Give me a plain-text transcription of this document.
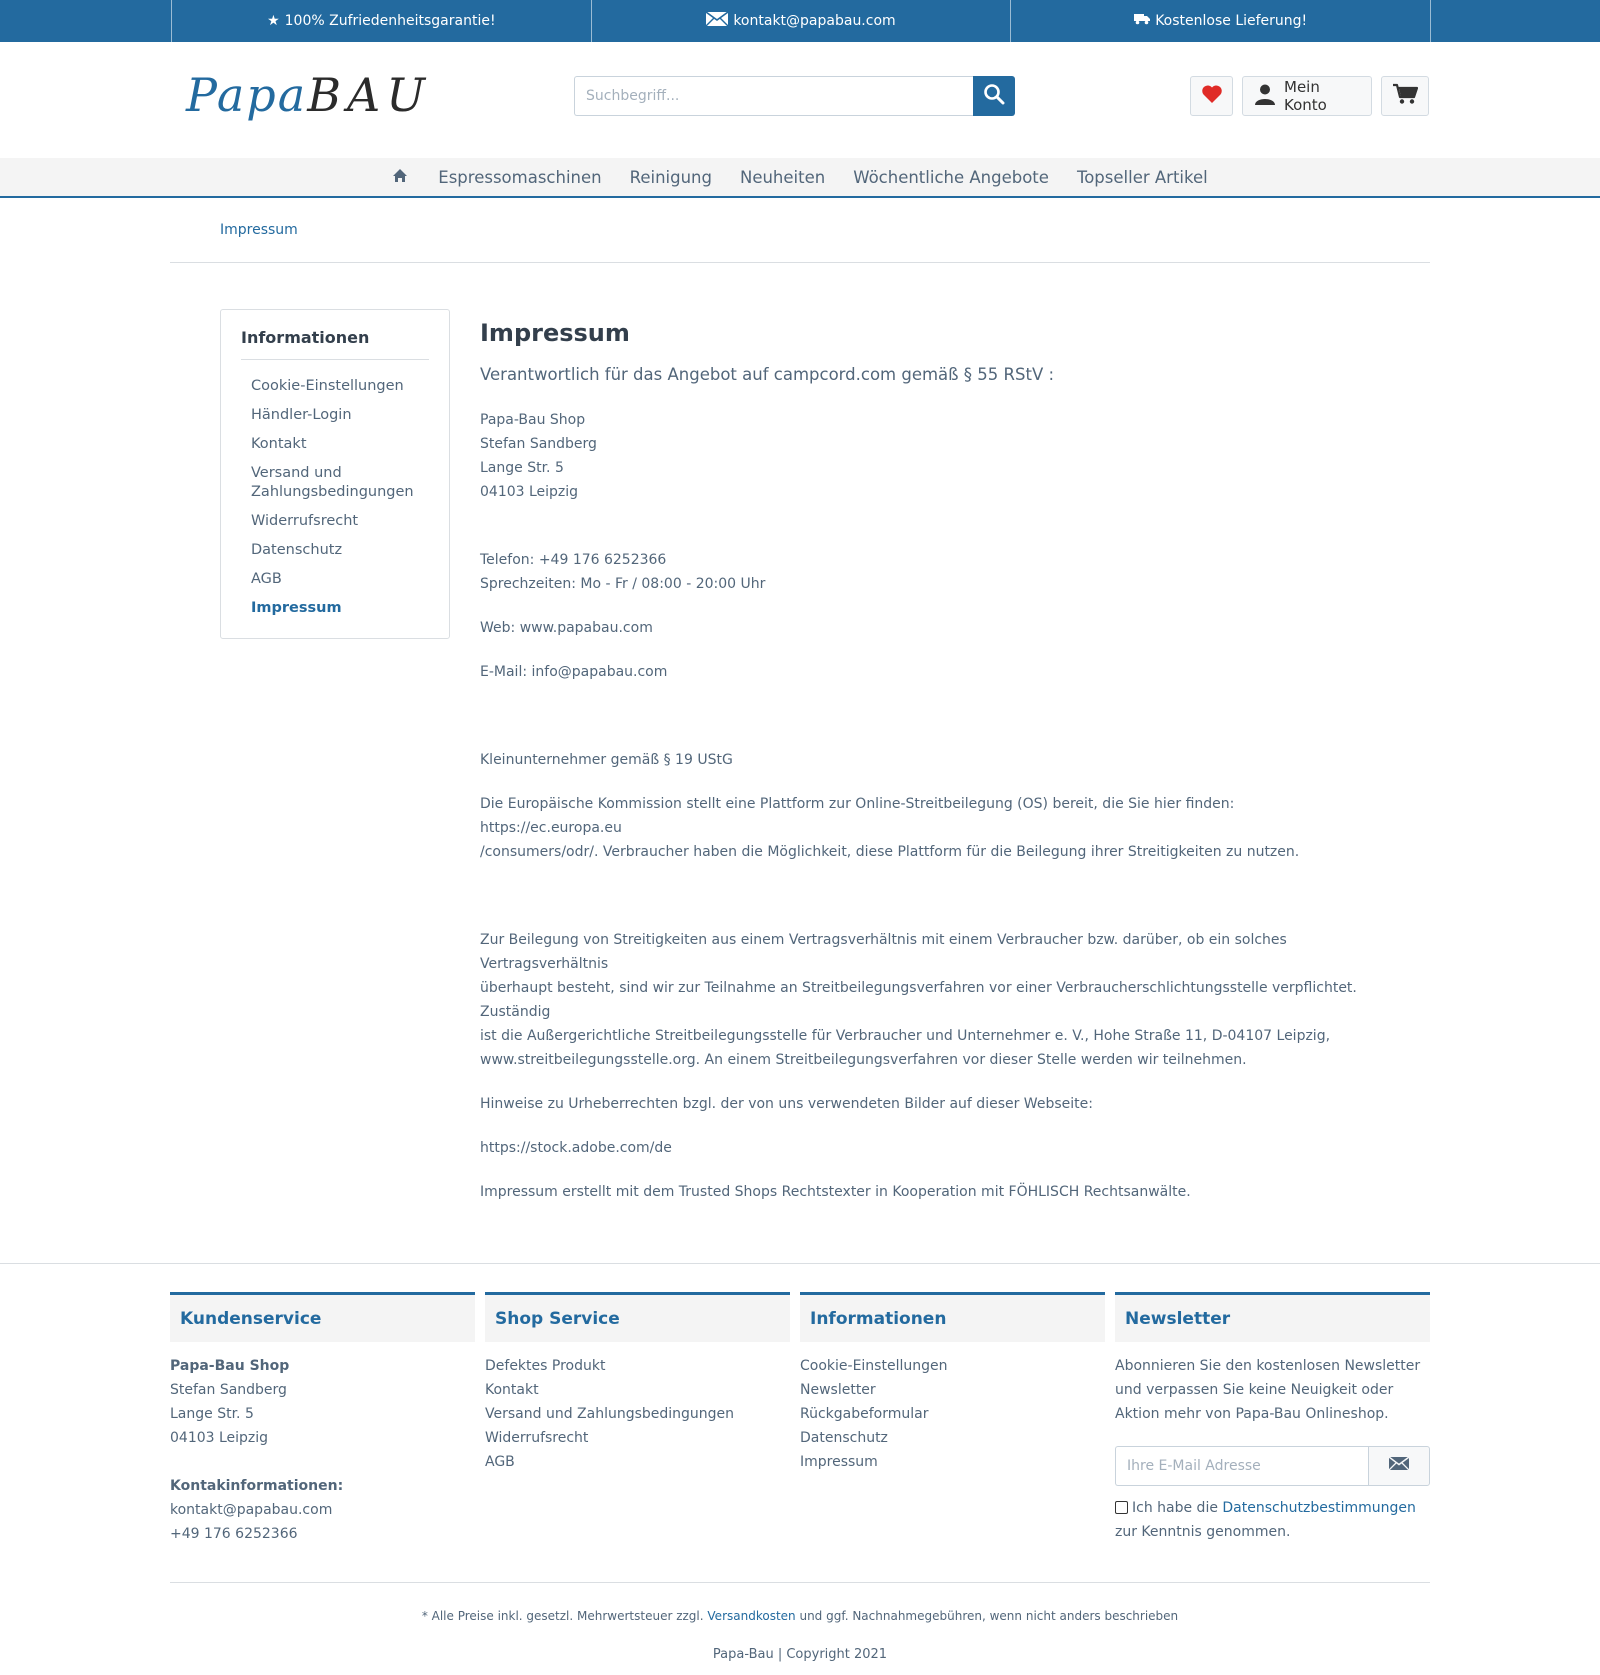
★ 100% Zufriedenheitsgarantie!	kontakt@papabau.com	Kostenlose Lieferung!
PapaBAU
Suchbegriff...	Mein Konto
Espressomaschinen Reinigung Neuheiten Wöchentliche Angebote Topseller Artikel
Impressum
Informationen
Cookie-Einstellungen
Händler-Login
Kontakt
Versand und Zahlungsbedingungen
Widerrufsrecht
Datenschutz
AGB
Impressum
Impressum
Verantwortlich für das Angebot auf campcord.com gemäß § 55 RStV :

Papa-Bau Shop

Stefan Sandberg

Lange Str. 5

04103 Leipzig

Telefon: +49 176 6252366

Sprechzeiten: Mo - Fr / 08:00 - 20:00 Uhr

Web: www.papabau.com

E-Mail: info@papabau.com

Kleinunternehmer gemäß § 19 UStG

Die Europäische Kommission stellt eine Plattform zur Online-Streitbeilegung (OS) bereit, die Sie hier finden: https://ec.europa.eu

/consumers/odr/. Verbraucher haben die Möglichkeit, diese Plattform für die Beilegung ihrer Streitigkeiten zu nutzen.

Zur Beilegung von Streitigkeiten aus einem Vertragsverhältnis mit einem Verbraucher bzw. darüber, ob ein solches Vertragsverhältnis

überhaupt besteht, sind wir zur Teilnahme an Streitbeilegungsverfahren vor einer Verbraucherschlichtungsstelle verpflichtet. Zuständig

ist die Außergerichtliche Streitbeilegungsstelle für Verbraucher und Unternehmer e. V., Hohe Straße 11, D-04107 Leipzig,

www.streitbeilegungsstelle.org. An einem Streitbeilegungsverfahren vor dieser Stelle werden wir teilnehmen.

Hinweise zu Urheberrechten bzgl. der von uns verwendeten Bilder auf dieser Webseite:

https://stock.adobe.com/de

Impressum erstellt mit dem Trusted Shops Rechtstexter in Kooperation mit FÖHLISCH Rechtsanwälte.

Kundenservice
Papa-Bau Shop
Stefan Sandberg
Lange Str. 5
04103 Leipzig
Kontakinformationen:
kontakt@papabau.com
+49 176 6252366
Shop Service
Defektes Produkt
Kontakt
Versand und Zahlungsbedingungen
Widerrufsrecht
AGB
Informationen
Cookie-Einstellungen
Newsletter
Rückgabeformular
Datenschutz
Impressum
Newsletter
Abonnieren Sie den kostenlosen Newsletter und verpassen Sie keine Neuigkeit oder Aktion mehr von Papa-Bau Onlineshop.
Ihre E-Mail Adresse
Ich habe die Datenschutzbestimmungen zur Kenntnis genommen.
* Alle Preise inkl. gesetzl. Mehrwertsteuer zzgl. Versandkosten und ggf. Nachnahmegebühren, wenn nicht anders beschrieben
Papa-Bau | Copyright 2021
